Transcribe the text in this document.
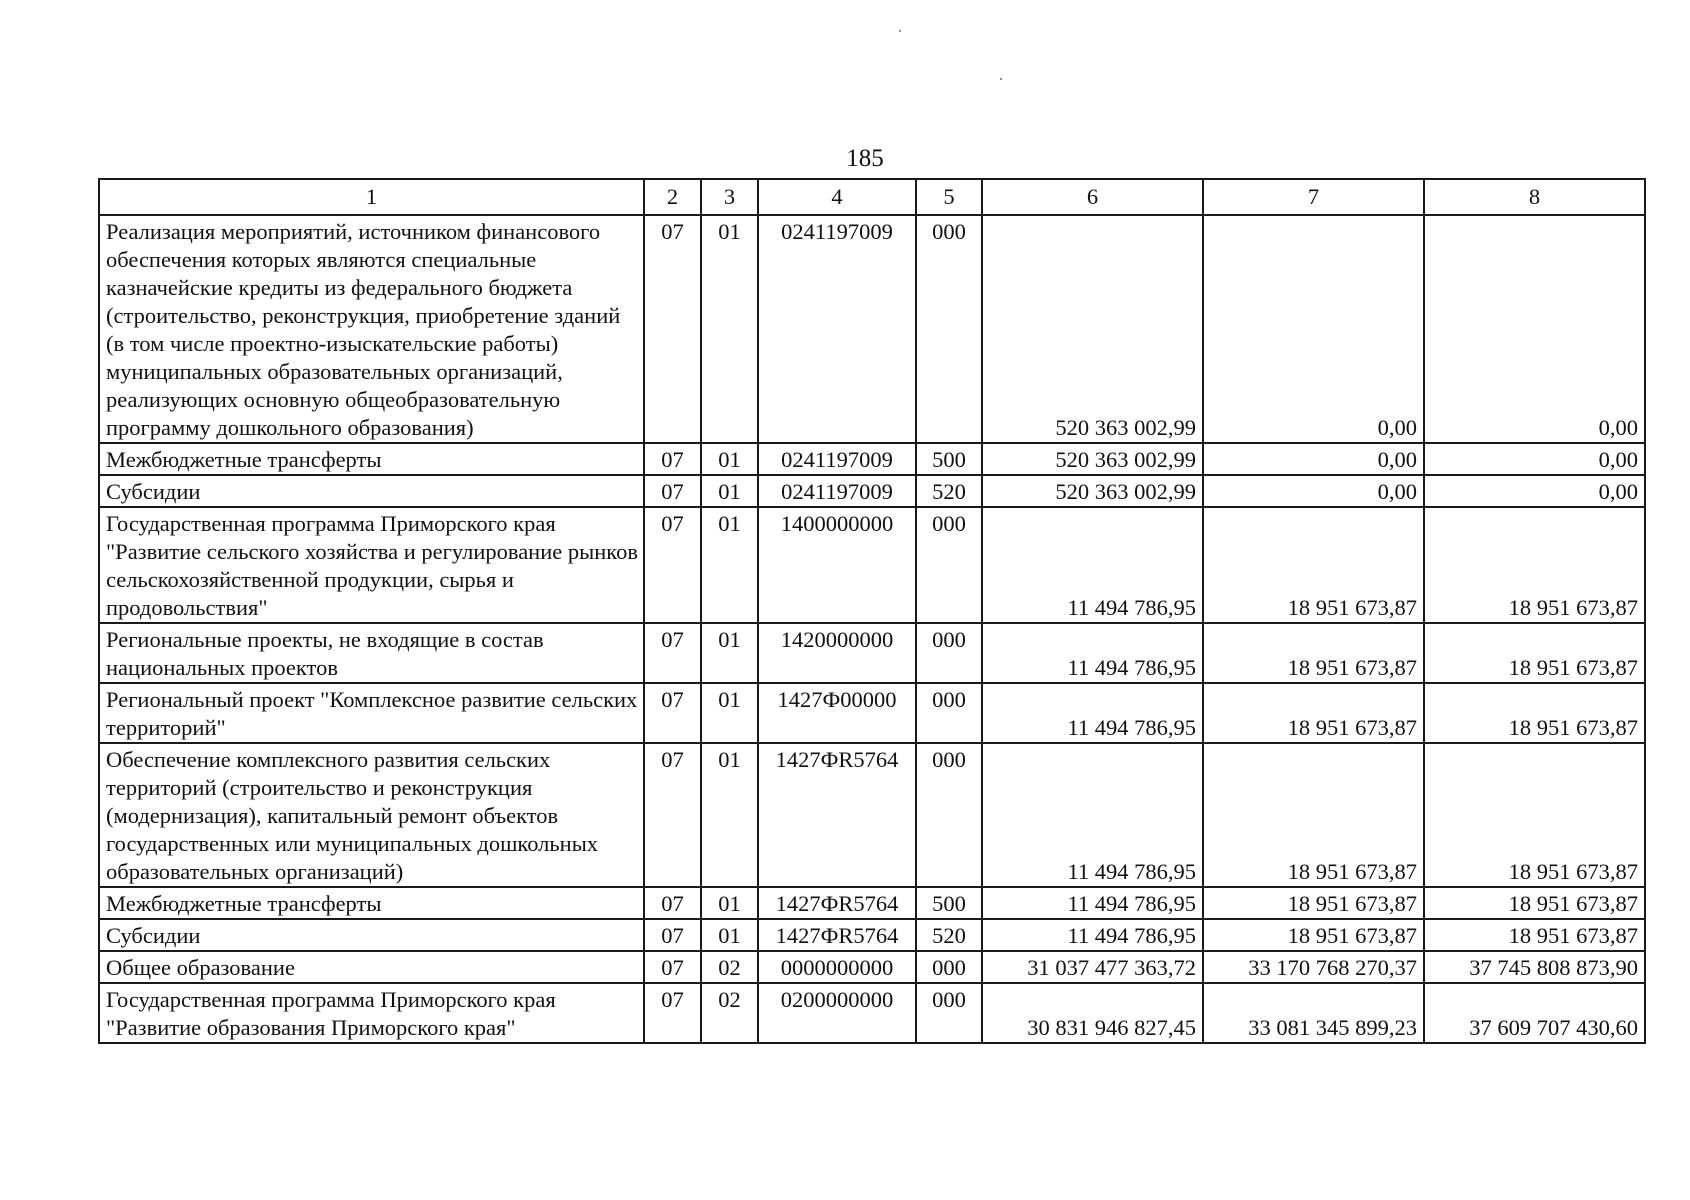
185
1	2	3	4	5	6	7	8
Реализация мероприятий, источником финансового обеспечения которых являются специальные казначейские кредиты из федерального бюджета (строительство, реконструкция, приобретение зданий (в том числе проектно-изыскательские работы) муниципальных образовательных организаций, реализующих основную общеобразовательную программу дошкольного образования)	07	01	0241197009	000	520 363 002,99	0,00	0,00
Межбюджетные трансферты	07	01	0241197009	500	520 363 002,99	0,00	0,00
Субсидии	07	01	0241197009	520	520 363 002,99	0,00	0,00
Государственная программа Приморского края "Развитие сельского хозяйства и регулирование рынков сельскохозяйственной продукции, сырья и продовольствия"	07	01	1400000000	000	11 494 786,95	18 951 673,87	18 951 673,87
Региональные проекты, не входящие в состав национальных проектов	07	01	1420000000	000	11 494 786,95	18 951 673,87	18 951 673,87
Региональный проект "Комплексное развитие сельских территорий"	07	01	1427Ф00000	000	11 494 786,95	18 951 673,87	18 951 673,87
Обеспечение комплексного развития сельских территорий (строительство и реконструкция (модернизация), капитальный ремонт объектов государственных или муниципальных дошкольных образовательных организаций)	07	01	1427ФR5764	000	11 494 786,95	18 951 673,87	18 951 673,87
Межбюджетные трансферты	07	01	1427ФR5764	500	11 494 786,95	18 951 673,87	18 951 673,87
Субсидии	07	01	1427ФR5764	520	11 494 786,95	18 951 673,87	18 951 673,87
Общее образование	07	02	0000000000	000	31 037 477 363,72	33 170 768 270,37	37 745 808 873,90
Государственная программа Приморского края "Развитие образования Приморского края"	07	02	0200000000	000	30 831 946 827,45	33 081 345 899,23	37 609 707 430,60
